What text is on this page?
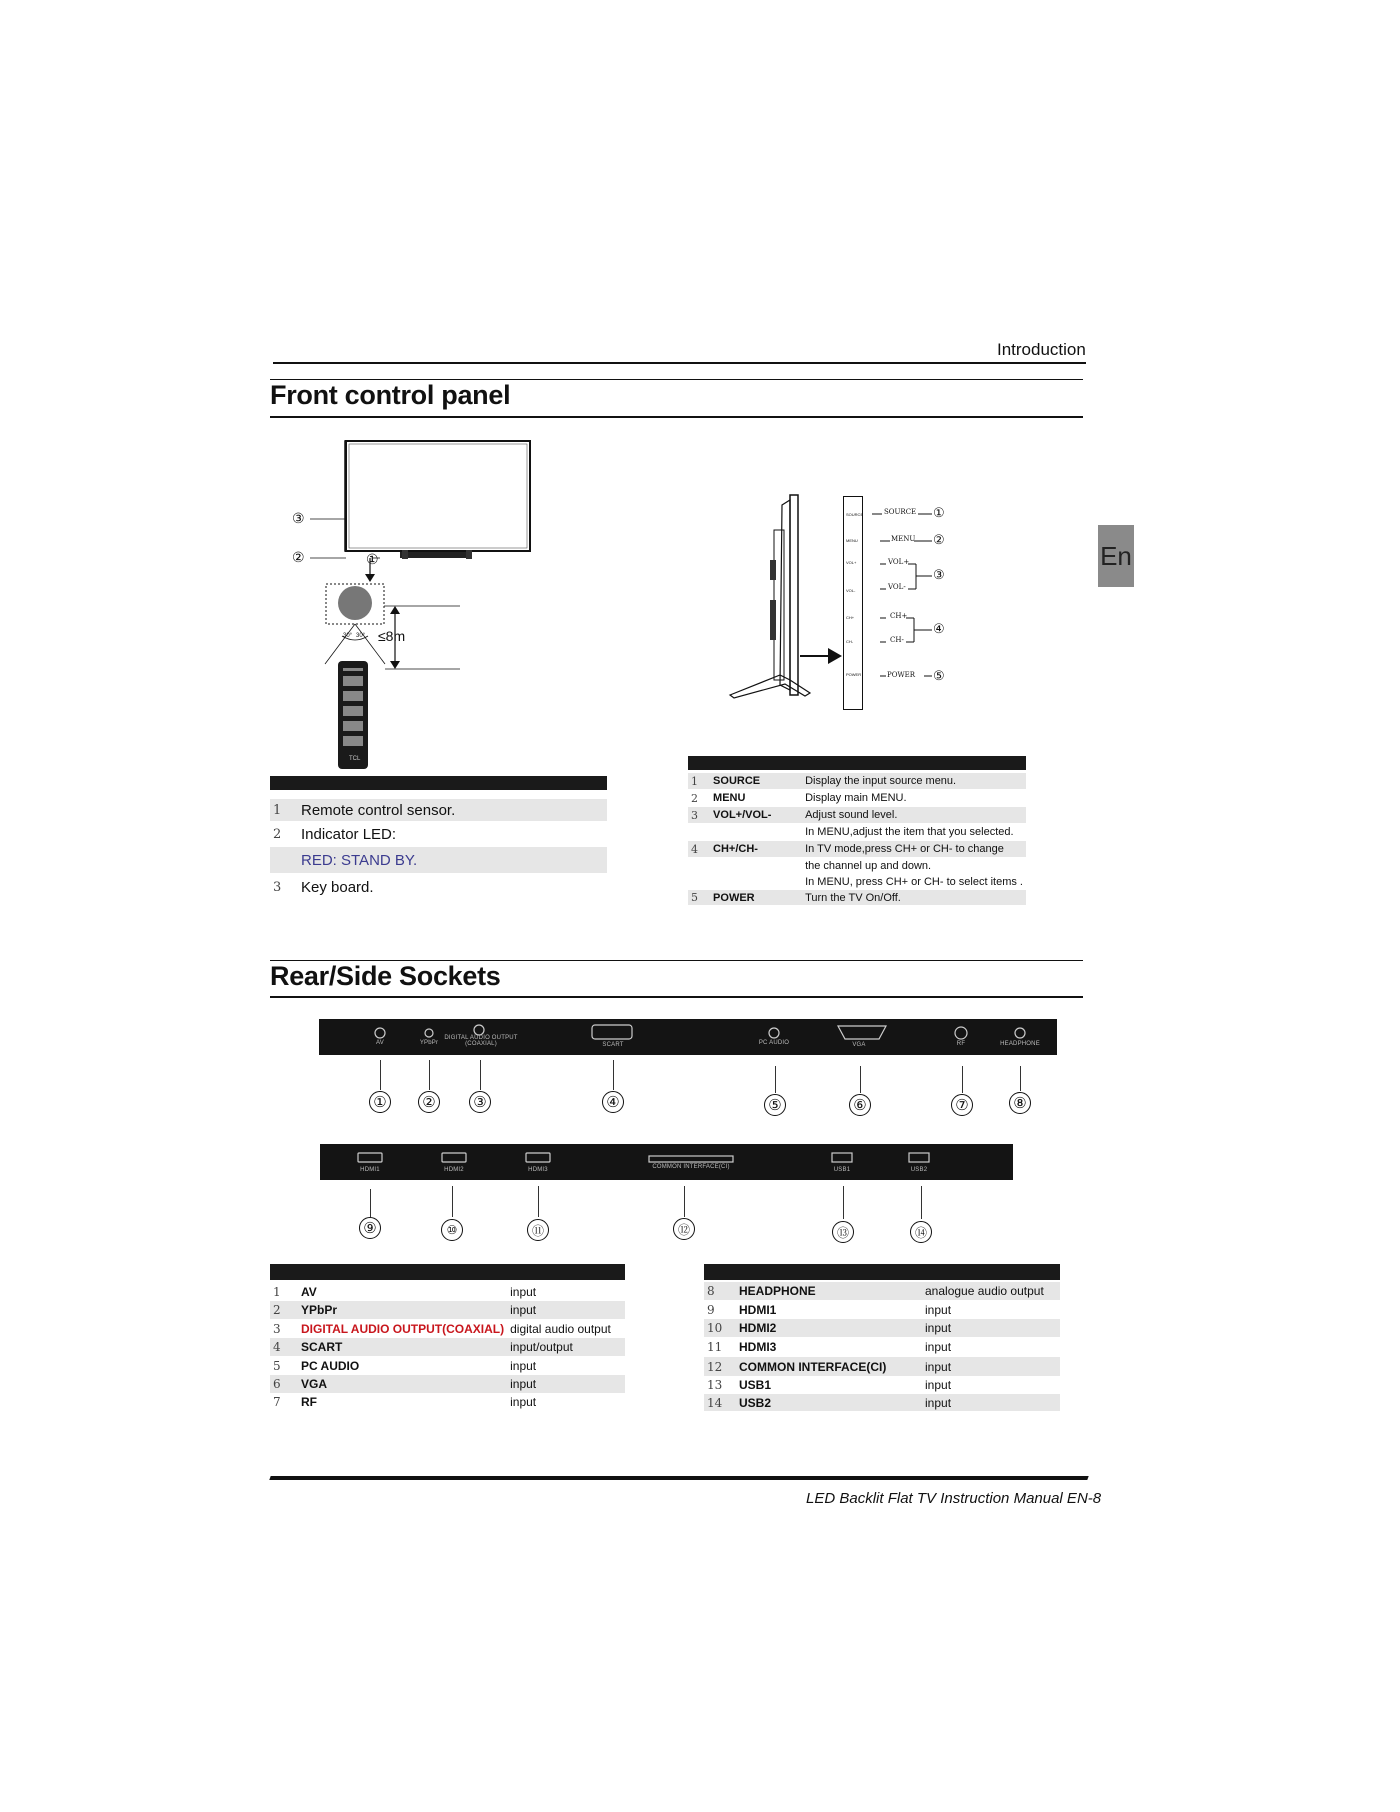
Introduction
En
Front control panel
③
②	①
≤8m
30° 30°
TCL
SOURCE
MENU
VOL+
VOL-
CH+
CH-
POWER
SOURCE
MENU
VOL+
VOL-
CH+
CH-
POWER
①
②
③
④
⑤

1	Remote control sensor.
2	Indicator LED:
	RED: STAND BY.
3	Key board.

1	SOURCE	Display the input source menu.
2	MENU	Display main MENU.
3	VOL+/VOL-	Adjust sound level.
		In MENU,adjust the item that you selected.
4	CH+/CH-	In TV mode,press CH+ or CH- to change
		the channel up and down.
		In MENU, press CH+ or CH- to select items .
5	POWER	Turn the TV On/Off.
Rear/Side Sockets
AV	YPbPr
DIGITAL AUDIO OUTPUT (COAXIAL)	SCART	PC AUDIO	VGA	RF	HEADPHONE
① ②	③	④	⑤	⑥	⑦	⑧
HDMI1	HDMI2	HDMI3	COMMON INTERFACE(CI)	USB1	USB2
⑨	⑩	⑪	⑫	⑬	⑭

1	AV	input
2	YPbPr	input
3	DIGITAL AUDIO OUTPUT(COAXIAL)	digital audio output
4	SCART	input/output
5	PC AUDIO	input
6	VGA	input
7	RF	input

8	HEADPHONE	analogue audio output
9	HDMI1	input
10	HDMI2	input
11	HDMI3	input
12	COMMON INTERFACE(CI)	input
13	USB1	input
14	USB2	input
LED Backlit Flat TV Instruction Manual EN-8
